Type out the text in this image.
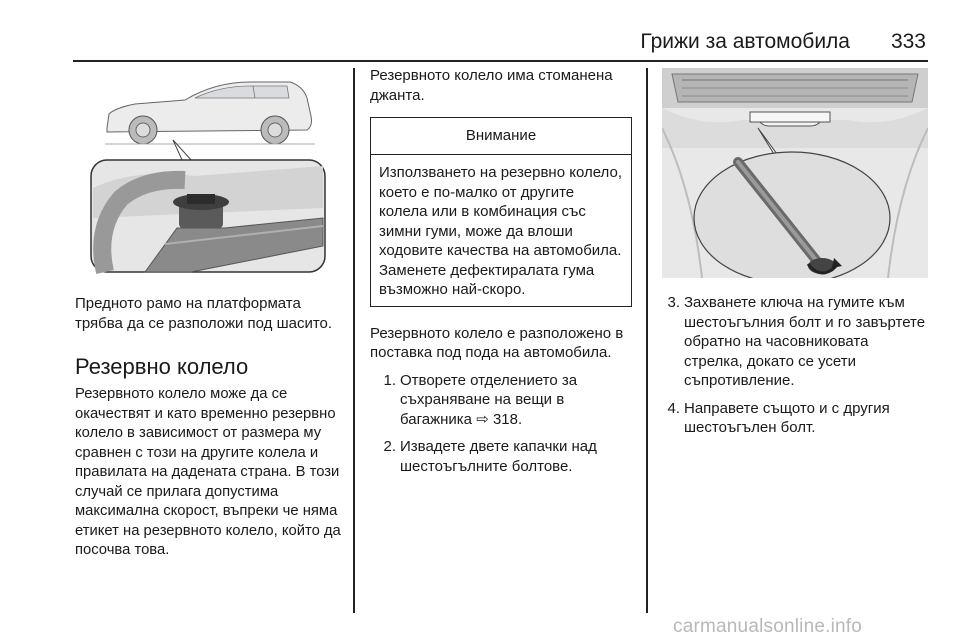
Грижи за автомобила 333

Предното рамо на платформата трябва да се разположи под шасито.

Резервно колело

Резервното колело може да се окачествят и като временно резервно колело в зависимост от размера му сравнен с този на другите колела и правилата на дадената страна. В този случай се прилага допустима максимална скорост, въпреки че няма етикет на резервното колело, който да посочва това.

Резервното колело има стоманена джанта.

Внимание

Използването на резервно колело, което е по-малко от другите колела или в комбинация със зимни гуми, може да влоши ходовите качества на автомобила. Заменете дефектиралата гума възможно най-скоро.

Резервното колело е разположено в поставка под пода на автомобила.

1. Отворете отделението за съхраняване на вещи в багажника ⇨ 318.
2. Извадете двете капачки над шестоъгълните болтове.
3. Захванете ключа на гумите към шестоъгълния болт и го завъртете обратно на часовниковата стрелка, докато се усети съпротивление.
4. Направете същото и с другия шестоъгълен болт.
carmanualsonline.info
